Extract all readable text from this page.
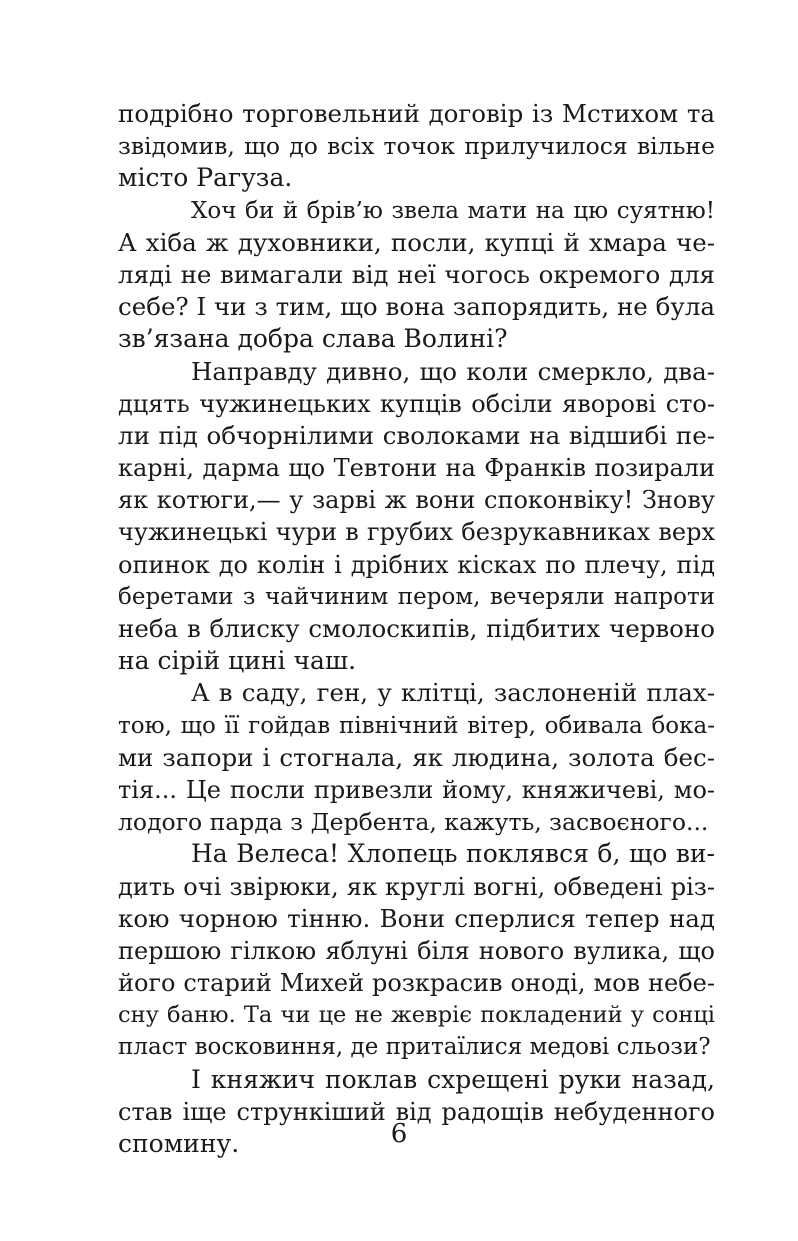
подрібно торговельний договір із Мстихом та
звідомив, що до всіх точок прилучилося вільне
місто Рагуза.
Хоч би й брів’ю звела мати на цю суятню!
А хіба ж духовники, посли, купці й хмара че-
ляді не вимагали від неї чогось окремого для
себе? І чи з тим, що вона запорядить, не була
зв’язана добра слава Волині?
Направду дивно, що коли смеркло, два-
дцять чужинецьких купців обсіли яворові сто-
ли під обчорнілими сволоками на відшибі пе-
карні, дарма що Тевтони на Франків позирали
як котюги,— у зарві ж вони споконвіку! Знову
чужинецькі чури в грубих безрукавниках верх
опинок до колін і дрібних кісках по плечу, під
беретами з чайчиним пером, вечеряли напроти
неба в блиску смолоскипів, підбитих червоно
на сірій цині чаш.
А в саду, ген, у клітці, заслоненій плах-
тою, що її гойдав північний вітер, обивала бока-
ми запори і стогнала, як людина, золота бес-
тія... Це посли привезли йому, княжичеві, мо-
лодого парда з Дербента, кажуть, засвоєного...
На Велеса! Хлопець поклявся б, що ви-
дить очі звірюки, як круглі вогні, обведені різ-
кою чорною тінню. Вони сперлися тепер над
першою гілкою яблуні біля нового вулика, що
його старий Михей розкрасив оноді, мов небе-
сну баню. Та чи це не жевріє покладений у сонці
пласт восковиння, де притаїлися медові сльози?
І княжич поклав схрещені руки назад,
став іще стрункіший від радощів небуденного
спомину.	6
